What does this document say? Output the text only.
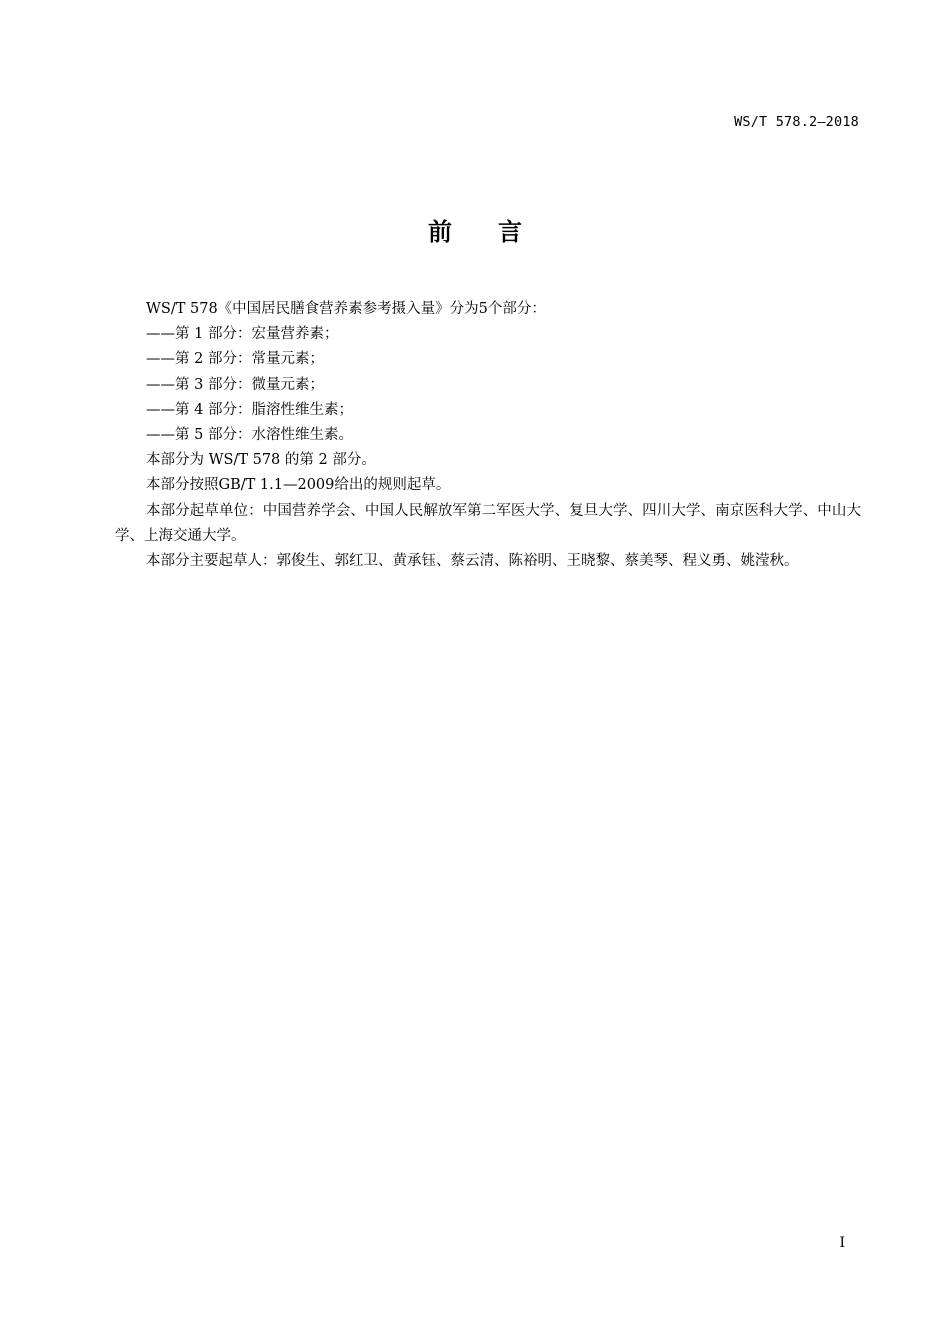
WS/T 578.2—2018
前言

WS/T 578《中国居民膳食营养素参考摄入量》分为5个部分：

——第 1 部分：宏量营养素；

——第 2 部分：常量元素；

——第 3 部分：微量元素；

——第 4 部分：脂溶性维生素；

——第 5 部分：水溶性维生素。

本部分为 WS/T 578 的第 2 部分。

本部分按照GB/T 1.1—2009给出的规则起草。

本部分起草单位：中国营养学会、中国人民解放军第二军医大学、复旦大学、四川大学、南京医科大学、中山大学、上海交通大学。

本部分主要起草人：郭俊生、郭红卫、黄承钰、蔡云清、陈裕明、王晓黎、蔡美琴、程义勇、姚滢秋。

I
